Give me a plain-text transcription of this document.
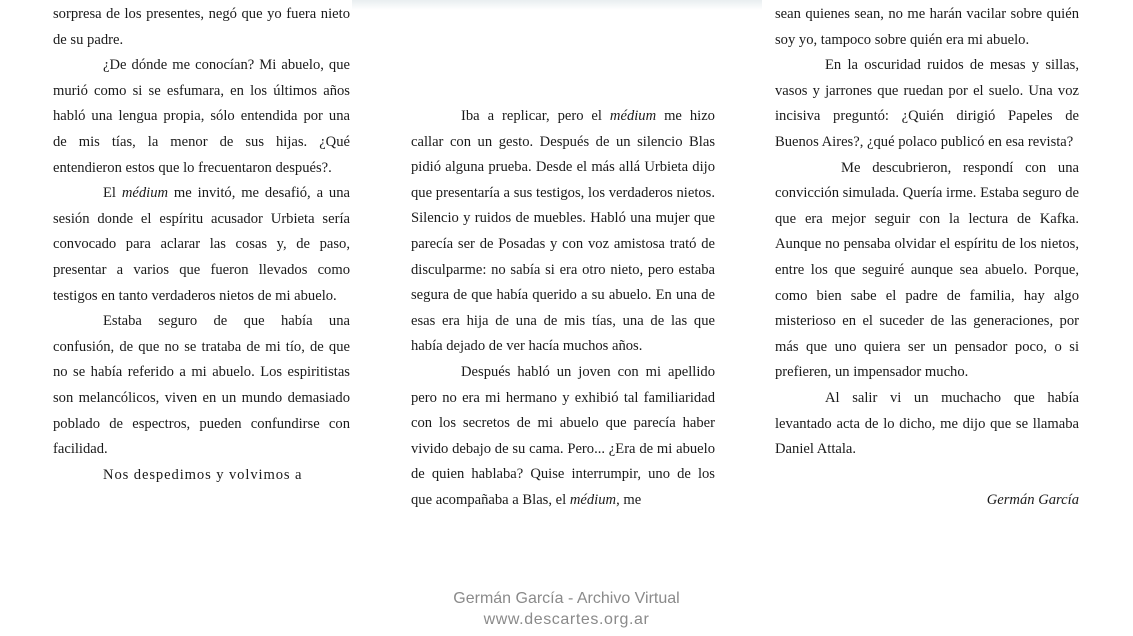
sorpresa de los presentes, negó que yo fuera nieto de su padre.

¿De dónde me conocían? Mi abuelo, que murió como si se esfumara, en los últimos años habló una lengua propia, sólo entendida por una de mis tías, la menor de sus hijas. ¿Qué entendieron estos que lo frecuentaron después?.

El médium me invitó, me desafió, a una sesión donde el espíritu acusador Urbieta sería convocado para aclarar las cosas y, de paso, presentar a varios que fueron llevados como testigos en tanto verdaderos nietos de mi abuelo.

Estaba seguro de que había una confusión, de que no se trataba de mi tío, de que no se había referido a mi abuelo. Los espiritistas son melancólicos, viven en un mundo demasiado poblado de espectros, pueden confundirse con facilidad.

Nos despedimos y volvimos a

Iba a replicar, pero el médium me hizo callar con un gesto. Después de un silencio Blas pidió alguna prueba. Desde el más allá Urbieta dijo que presentaría a sus testigos, los verdaderos nietos. Silencio y ruidos de muebles. Habló una mujer que parecía ser de Posadas y con voz amistosa trató de disculparme: no sabía si era otro nieto, pero estaba segura de que había querido a su abuelo. En una de esas era hija de una de mis tías, una de las que había dejado de ver hacía muchos años.

Después habló un joven con mi apellido pero no era mi hermano y exhibió tal familiaridad con los secretos de mi abuelo que parecía haber vivido debajo de su cama. Pero... ¿Era de mi abuelo de quien hablaba? Quise interrumpir, uno de los que acompañaba a Blas, el médium, me

sean quienes sean, no me harán vacilar sobre quién soy yo, tampoco sobre quién era mi abuelo.

En la oscuridad ruidos de mesas y sillas, vasos y jarrones que ruedan por el suelo. Una voz incisiva preguntó: ¿Quién dirigió Papeles de Buenos Aires?, ¿qué polaco publicó en esa revista?

Me descubrieron, respondí con una convicción simulada. Quería irme. Estaba seguro de que era mejor seguir con la lectura de Kafka. Aunque no pensaba olvidar el espíritu de los nietos, entre los que seguiré aunque sea abuelo. Porque, como bien sabe el padre de familia, hay algo misterioso en el suceder de las generaciones, por más que uno quiera ser un pensador poco, o si prefieren, un impensador mucho.

Al salir vi un muchacho que había levantado acta de lo dicho, me dijo que se llamaba Daniel Attala.

Germán García

Germán García - Archivo Virtual
www.descartes.org.ar
